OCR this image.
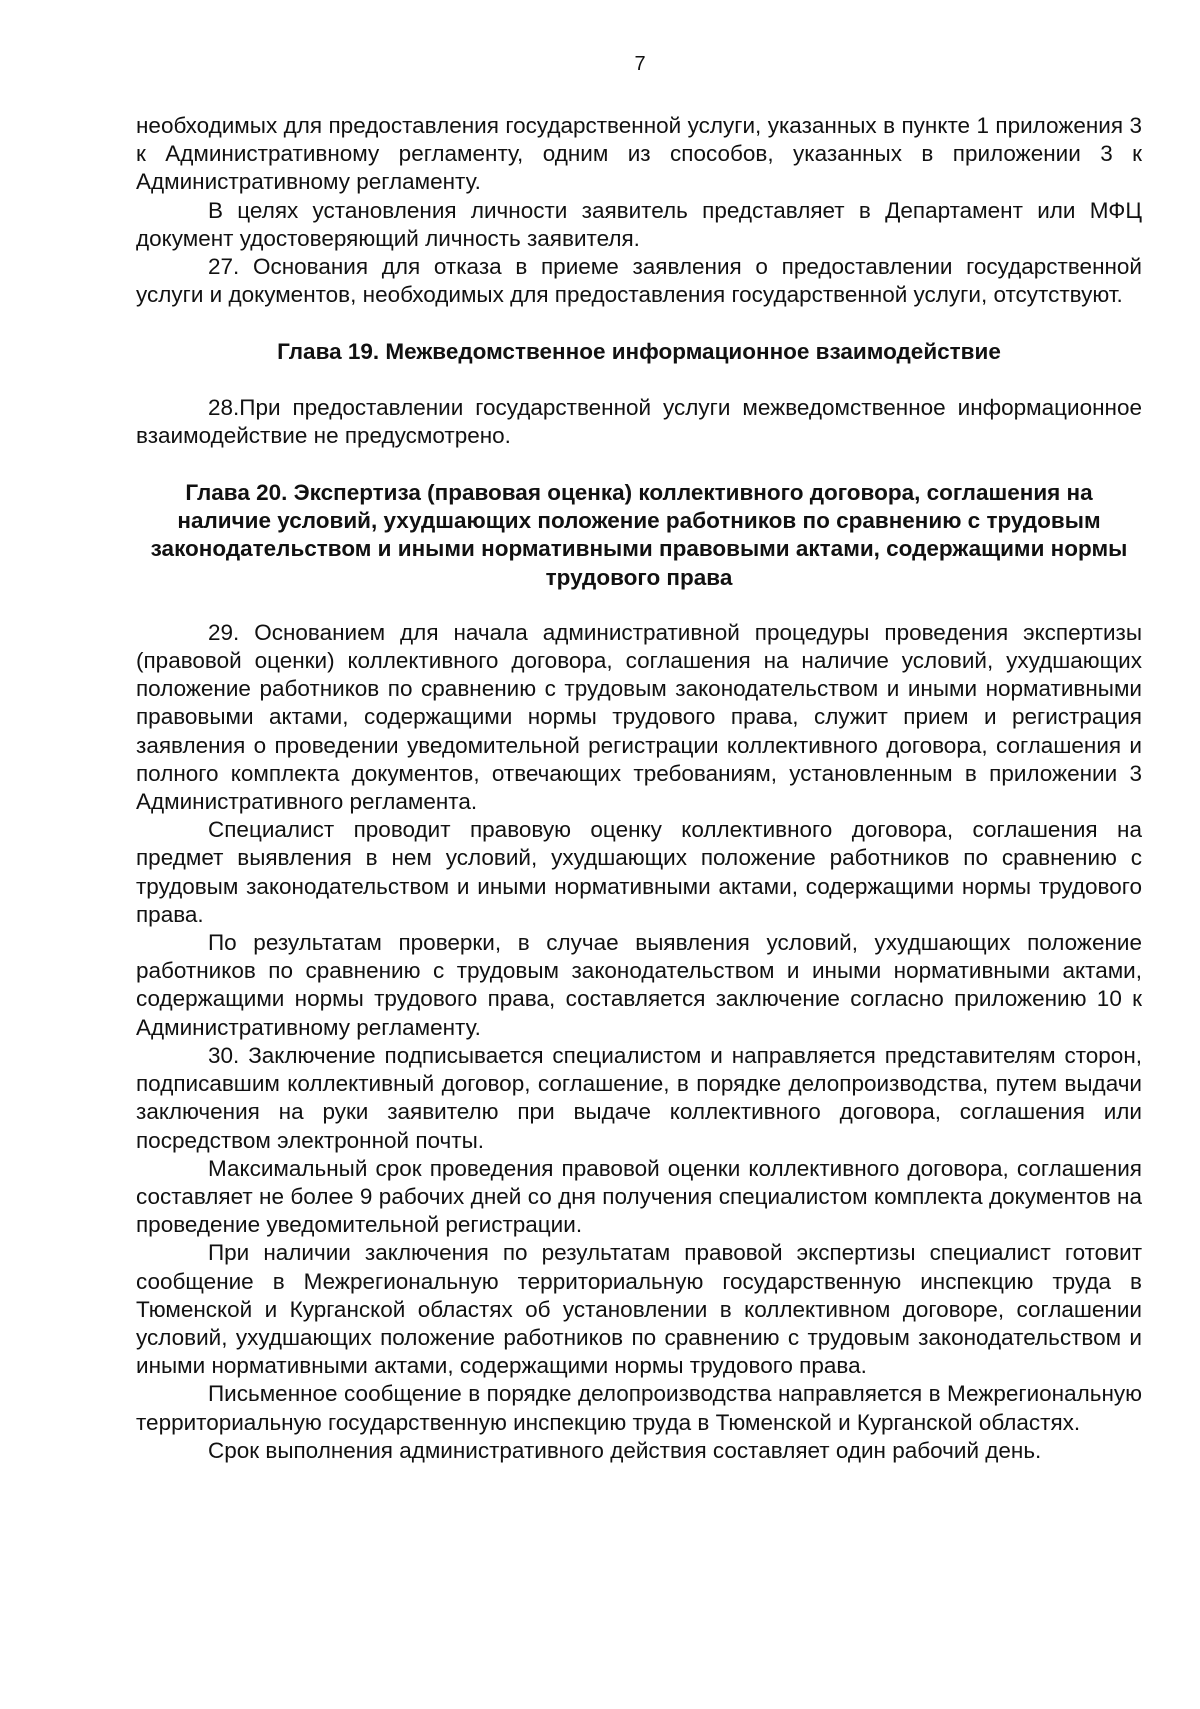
7

необходимых для предоставления государственной услуги, указанных в пункте 1 приложения 3 к Административному регламенту, одним из способов, указанных в приложении 3 к Административному регламенту.

В целях установления личности заявитель представляет в Департамент или МФЦ документ удостоверяющий личность заявителя.

27. Основания для отказа в приеме заявления о предоставлении государственной услуги и документов, необходимых для предоставления государственной услуги, отсутствуют.

Глава 19. Межведомственное информационное взаимодействие

28.При предоставлении государственной услуги межведомственное информационное взаимодействие не предусмотрено.

Глава 20. Экспертиза (правовая оценка) коллективного договора, соглашения на наличие условий, ухудшающих положение работников по сравнению с трудовым законодательством и иными нормативными правовыми актами, содержащими нормы трудового права

29. Основанием для начала административной процедуры проведения экспертизы (правовой оценки) коллективного договора, соглашения на наличие условий, ухудшающих положение работников по сравнению с трудовым законодательством и иными нормативными правовыми актами, содержащими нормы трудового права, служит прием и регистрация заявления о проведении уведомительной регистрации коллективного договора, соглашения и полного комплекта документов, отвечающих требованиям, установленным в приложении 3 Административного регламента.

Специалист проводит правовую оценку коллективного договора, соглашения на предмет выявления в нем условий, ухудшающих положение работников по сравнению с трудовым законодательством и иными нормативными актами, содержащими нормы трудового права.

По результатам проверки, в случае выявления условий, ухудшающих положение работников по сравнению с трудовым законодательством и иными нормативными актами, содержащими нормы трудового права, составляется заключение согласно приложению 10 к Административному регламенту.

30. Заключение подписывается специалистом и направляется представителям сторон, подписавшим коллективный договор, соглашение, в порядке делопроизводства, путем выдачи заключения на руки заявителю при выдаче коллективного договора, соглашения или посредством электронной почты.

Максимальный срок проведения правовой оценки коллективного договора, соглашения составляет не более 9 рабочих дней со дня получения специалистом комплекта документов на проведение уведомительной регистрации.

При наличии заключения по результатам правовой экспертизы специалист готовит сообщение в Межрегиональную территориальную государственную инспекцию труда в Тюменской и Курганской областях об установлении в коллективном договоре, соглашении условий, ухудшающих положение работников по сравнению с трудовым законодательством и иными нормативными актами, содержащими нормы трудового права.

Письменное сообщение в порядке делопроизводства направляется в Межрегиональную территориальную государственную инспекцию труда в Тюменской и Курганской областях.

Срок выполнения административного действия составляет один рабочий день.
